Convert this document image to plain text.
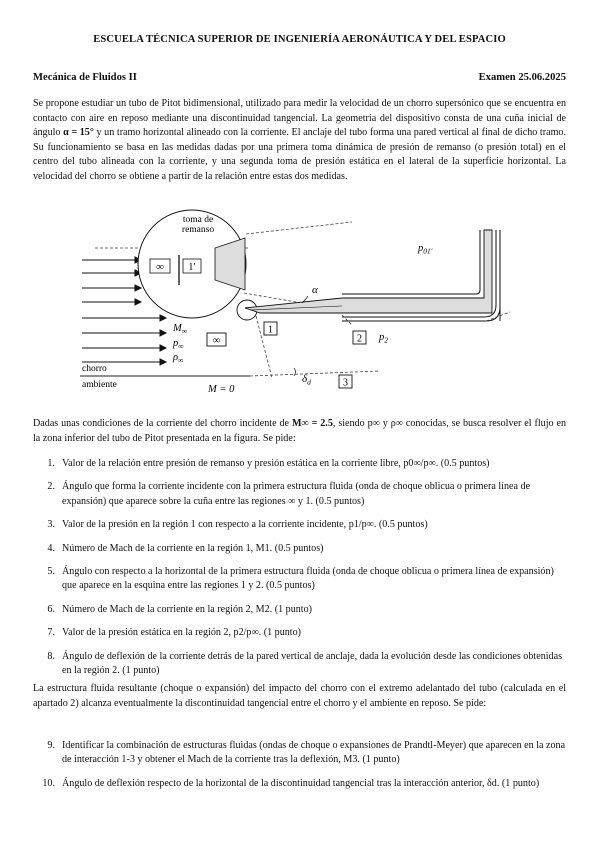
ESCUELA TÉCNICA SUPERIOR DE INGENIERÍA AERONÁUTICA Y DEL ESPACIO
Mecánica de Fluidos II	Examen 25.06.2025

Se propone estudiar un tubo de Pitot bidimensional, utilizado para medir la velocidad de un chorro supersónico que se encuentra en contacto con aire en reposo mediante una discontinuidad tangencial. La geometría del dispositivo consta de una cuña inicial de ángulo α = 15° y un tramo horizontal alineado con la corriente. El anclaje del tubo forma una pared vertical al final de dicho tramo. Su funcionamiento se basa en las medidas dadas por una primera toma dinámica de presión de remanso (o presión total) en el centro del tubo alineada con la corriente, y una segunda toma de presión estática en el lateral de la superficie horizontal. La velocidad del chorro se obtiene a partir de la relación entre estas dos medidas.

∞ 1′
toma de
remanso
$p_{01'}$
α
1
2
3
∞	$p_2$
$M_\infty$
$p_\infty$
$\rho_\infty$
chorro
ambiente	M = 0
$\delta_d$

Dadas unas condiciones de la corriente del chorro incidente de M∞ = 2.5, siendo p∞ y ρ∞ conocidas, se busca resolver el flujo en la zona inferior del tubo de Pitot presentada en la figura. Se pide:

1. Valor de la relación entre presión de remanso y presión estática en la corriente libre, p0∞/p∞. (0.5 puntos)
2. Ángulo que forma la corriente incidente con la primera estructura fluida (onda de choque oblicua o primera línea de expansión) que aparece sobre la cuña entre las regiones ∞ y 1. (0.5 puntos)
3. Valor de la presión en la región 1 con respecto a la corriente incidente, p1/p∞. (0.5 puntos)
4. Número de Mach de la corriente en la región 1, M1. (0.5 puntos)
5. Ángulo con respecto a la horizontal de la primera estructura fluida (onda de choque oblicua o primera línea de expansión) que aparece en la esquina entre las regiones 1 y 2. (0.5 puntos)
6. Número de Mach de la corriente en la región 2, M2. (1 punto)
7. Valor de la presión estática en la región 2, p2/p∞. (1 punto)
8. Ángulo de deflexión de la corriente detrás de la pared vertical de anclaje, dada la evolución desde las condiciones obtenidas en la región 2. (1 punto)

La estructura fluida resultante (choque o expansión) del impacto del chorro con el extremo adelantado del tubo (calculada en el apartado 2) alcanza eventualmente la discontinuidad tangencial entre el chorro y el ambiente en reposo. Se pide:

9. Identificar la combinación de estructuras fluidas (ondas de choque o expansiones de Prandtl-Meyer) que aparecen en la zona de interacción 1-3 y obtener el Mach de la corriente tras la deflexión, M3. (1 punto)
10. Ángulo de deflexión respecto de la horizontal de la discontinuidad tangencial tras la interacción anterior, δd. (1 punto)
